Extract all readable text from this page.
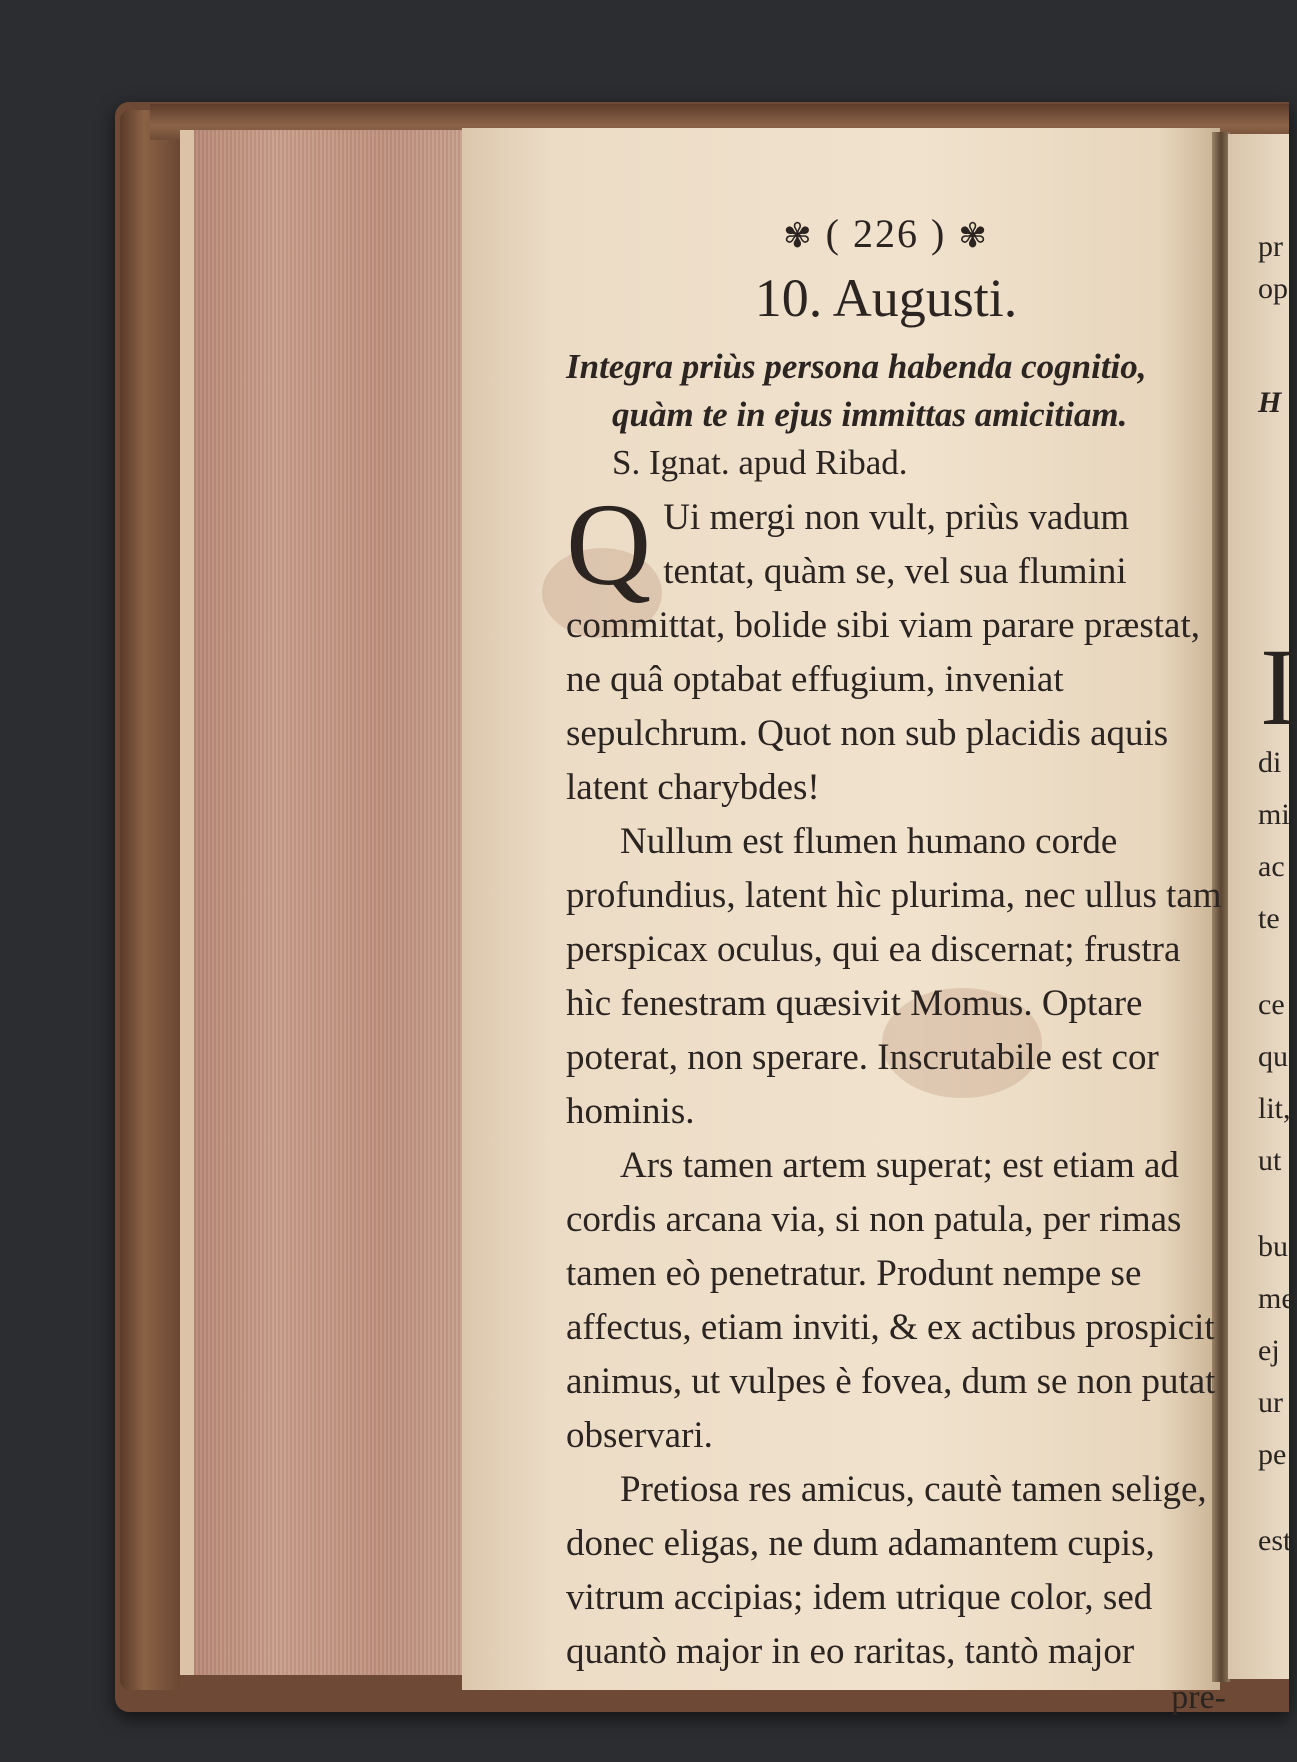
pr
op
H
I
di
mi
ac
te
ce
qu
lit,
ut
bu
me
ej
ur
pe
est
✾ ( 226 ) ✾
10. Augusti.
Integra priùs persona habenda cognitio, quàm te in ejus immittas amicitiam.
S. Ignat. apud Ribad.

Q Ui mergi non vult, priùs vadum tentat, quàm se, vel sua flumini committat, bolide sibi viam parare præstat, ne quâ optabat effugium, inveniat sepulchrum. Quot non sub placidis aquis latent charybdes!

Nullum est flumen humano corde profundius, latent hìc plurima, nec ullus tam perspicax oculus, qui ea discernat; frustra hìc fenestram quæsivit Momus. Optare poterat, non sperare. Inscrutabile est cor hominis.

Ars tamen artem superat; est etiam ad cordis arcana via, si non patula, per rimas tamen eò penetratur. Produnt nempe se affectus, etiam inviti, & ex actibus prospicit animus, ut vulpes è fovea, dum se non putat observari.

Pretiosa res amicus, cautè tamen selige, donec eligas, ne dum adamantem cupis, vitrum accipias; idem utrique color, sed quantò major in eo raritas, tantò major

pre-
